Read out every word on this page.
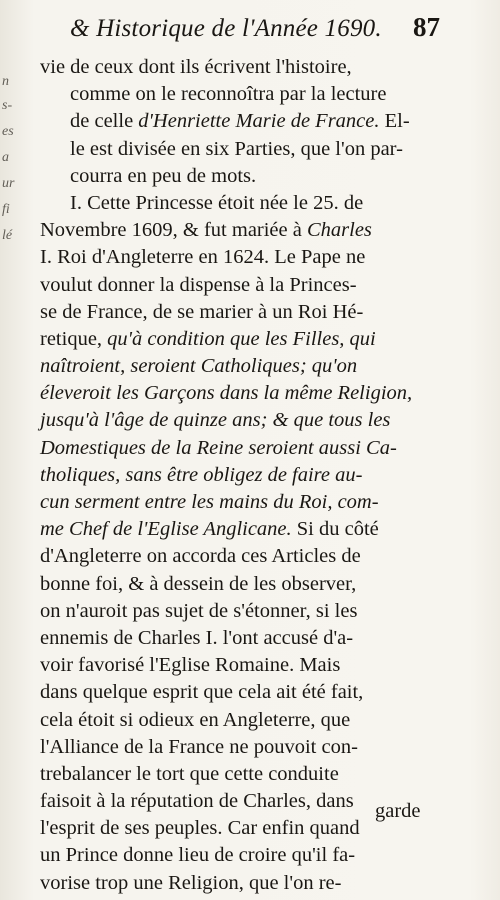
n
s-
es
a
ur
fi
lé
& Historique de l'Année 1690. 87
vie de ceux dont ils écrivent l'histoire,
comme on le reconnoîtra par la lecture
de celle d'Henriette Marie de France. El-
le est divisée en six Parties, que l'on par-
courra en peu de mots.
I. Cette Princesse étoit née le 25. de
Novembre 1609, & fut mariée à Charles
I. Roi d'Angleterre en 1624. Le Pape ne
voulut donner la dispense à la Princes-
se de France, de se marier à un Roi Hé-
retique, qu'à condition que les Filles, qui
naîtroient, seroient Catholiques; qu'on
éleveroit les Garçons dans la même Religion,
jusqu'à l'âge de quinze ans; & que tous les
Domestiques de la Reine seroient aussi Ca-
tholiques, sans être obligez de faire au-
cun serment entre les mains du Roi, com-
me Chef de l'Eglise Anglicane. Si du côté
d'Angleterre on accorda ces Articles de
bonne foi, & à dessein de les observer,
on n'auroit pas sujet de s'étonner, si les
ennemis de Charles I. l'ont accusé d'a-
voir favorisé l'Eglise Romaine. Mais
dans quelque esprit que cela ait été fait,
cela étoit si odieux en Angleterre, que
l'Alliance de la France ne pouvoit con-
trebalancer le tort que cette conduite
faisoit à la réputation de Charles, dans
l'esprit de ses peuples. Car enfin quand
un Prince donne lieu de croire qu'il fa-
vorise trop une Religion, que l'on re-
garde
